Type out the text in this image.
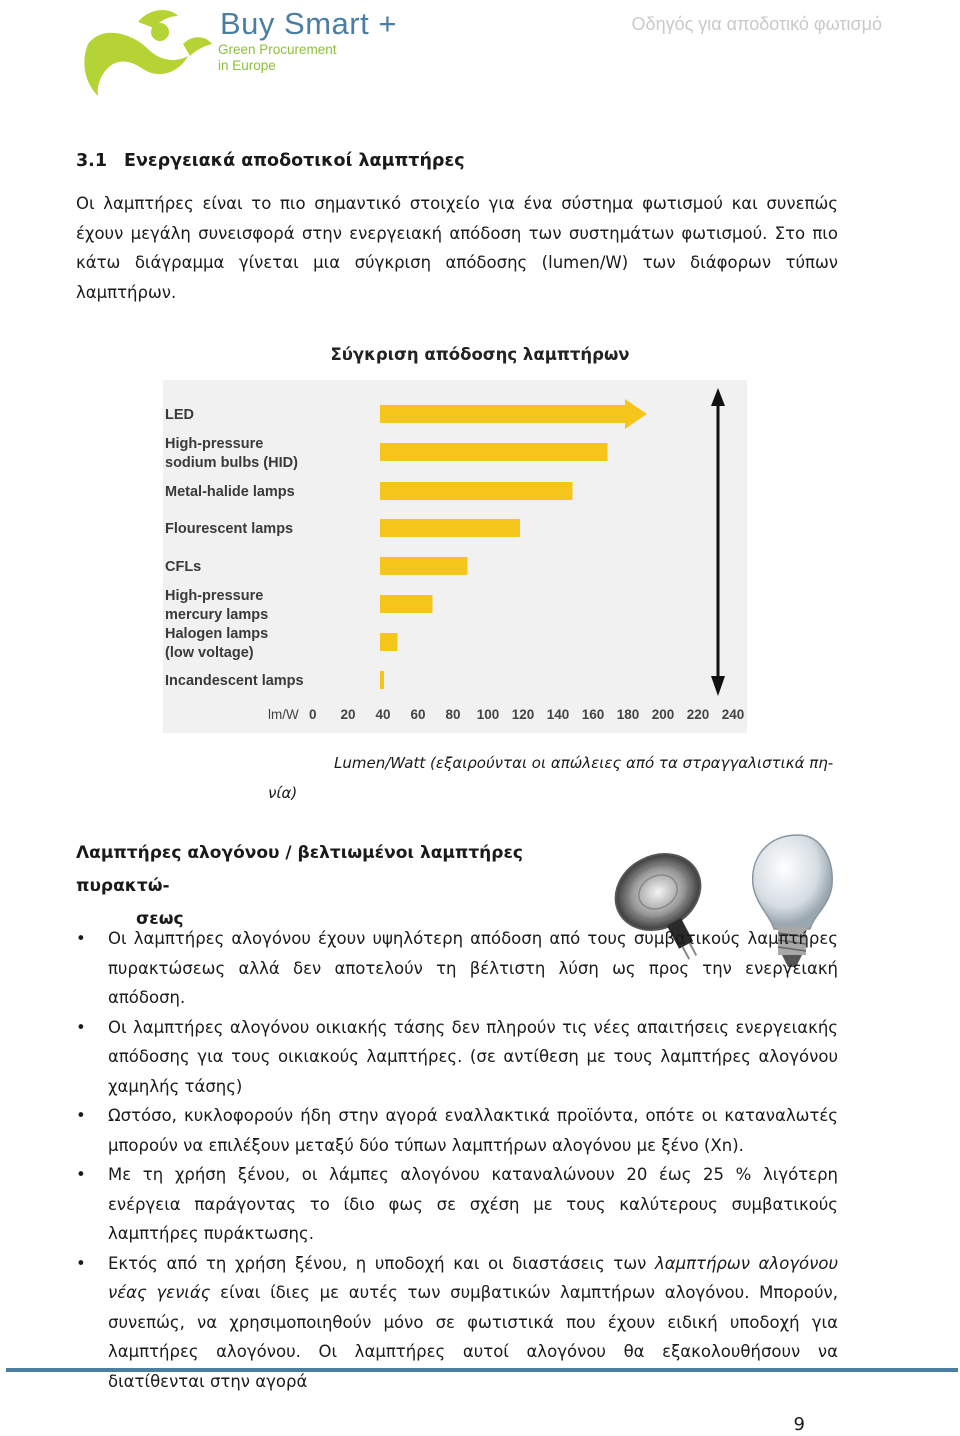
Buy Smart +
Green Procurement
in Europe
Οδηγός για αποδοτικό φωτισμό
3.1 Ενεργειακά αποδοτικοί λαμπτήρες
Οι λαμπτήρες είναι το πιο σημαντικό στοιχείο για ένα σύστημα φωτισμού και συνεπώς έχουν μεγάλη συνεισφορά στην ενεργειακή απόδοση των συστημάτων φωτισμού. Στο πιο κάτω διάγραμμα γίνεται μια σύγκριση απόδοσης (lumen/W) των διάφορων τύπων λαμπτήρων.
Σύγκριση απόδοσης λαμπτήρων
LED
High-pressure sodium bulbs (HID)
Metal-halide lamps
Flourescent lamps
CFLs
High-pressure mercury lamps
Halogen lamps (low voltage)
Incandescent lamps
lm/W 0 20 40 60 80 100 120 140 160 180 200 220 240
Lumen/Watt (εξαιρούνται οι απώλειες από τα στραγγαλιστικά πη-
νία)
Λαμπτήρες αλογόνου / βελτιωμένοι λαμπτήρες πυρακτώ-
σεως
• Οι λαμπτήρες αλογόνου έχουν υψηλότερη απόδοση από τους συμβατικούς λαμπτήρες πυρακτώσεως αλλά δεν αποτελούν τη βέλτιστη λύση ως προς την ενεργειακή απόδοση.
• Οι λαμπτήρες αλογόνου οικιακής τάσης δεν πληρούν τις νέες απαιτήσεις ενεργειακής απόδοσης για τους οικιακούς λαμπτήρες. (σε αντίθεση με τους λαμπτήρες αλογόνου χαμηλής τάσης)
• Ωστόσο, κυκλοφορούν ήδη στην αγορά εναλλακτικά προϊόντα, οπότε οι καταναλωτές μπορούν να επιλέξουν μεταξύ δύο τύπων λαμπτήρων αλογόνου με ξένο (Xn).
• Με τη χρήση ξένου, οι λάμπες αλογόνου καταναλώνουν 20 έως 25 % λιγότερη ενέργεια παράγοντας το ίδιο φως σε σχέση με τους καλύτερους συμβατικούς λαμπτήρες πυράκτωσης.
• Εκτός από τη χρήση ξένου, η υποδοχή και οι διαστάσεις των λαμπτήρων αλογόνου νέας γενιάς είναι ίδιες με αυτές των συμβατικών λαμπτήρων αλογόνου. Μπορούν, συνεπώς, να χρησιμοποιηθούν μόνο σε φωτιστικά που έχουν ειδική υποδοχή για λαμπτήρες αλογόνου. Οι λαμπτήρες αυτοί αλογόνου θα εξακολουθήσουν να διατίθενται στην αγορά
9
